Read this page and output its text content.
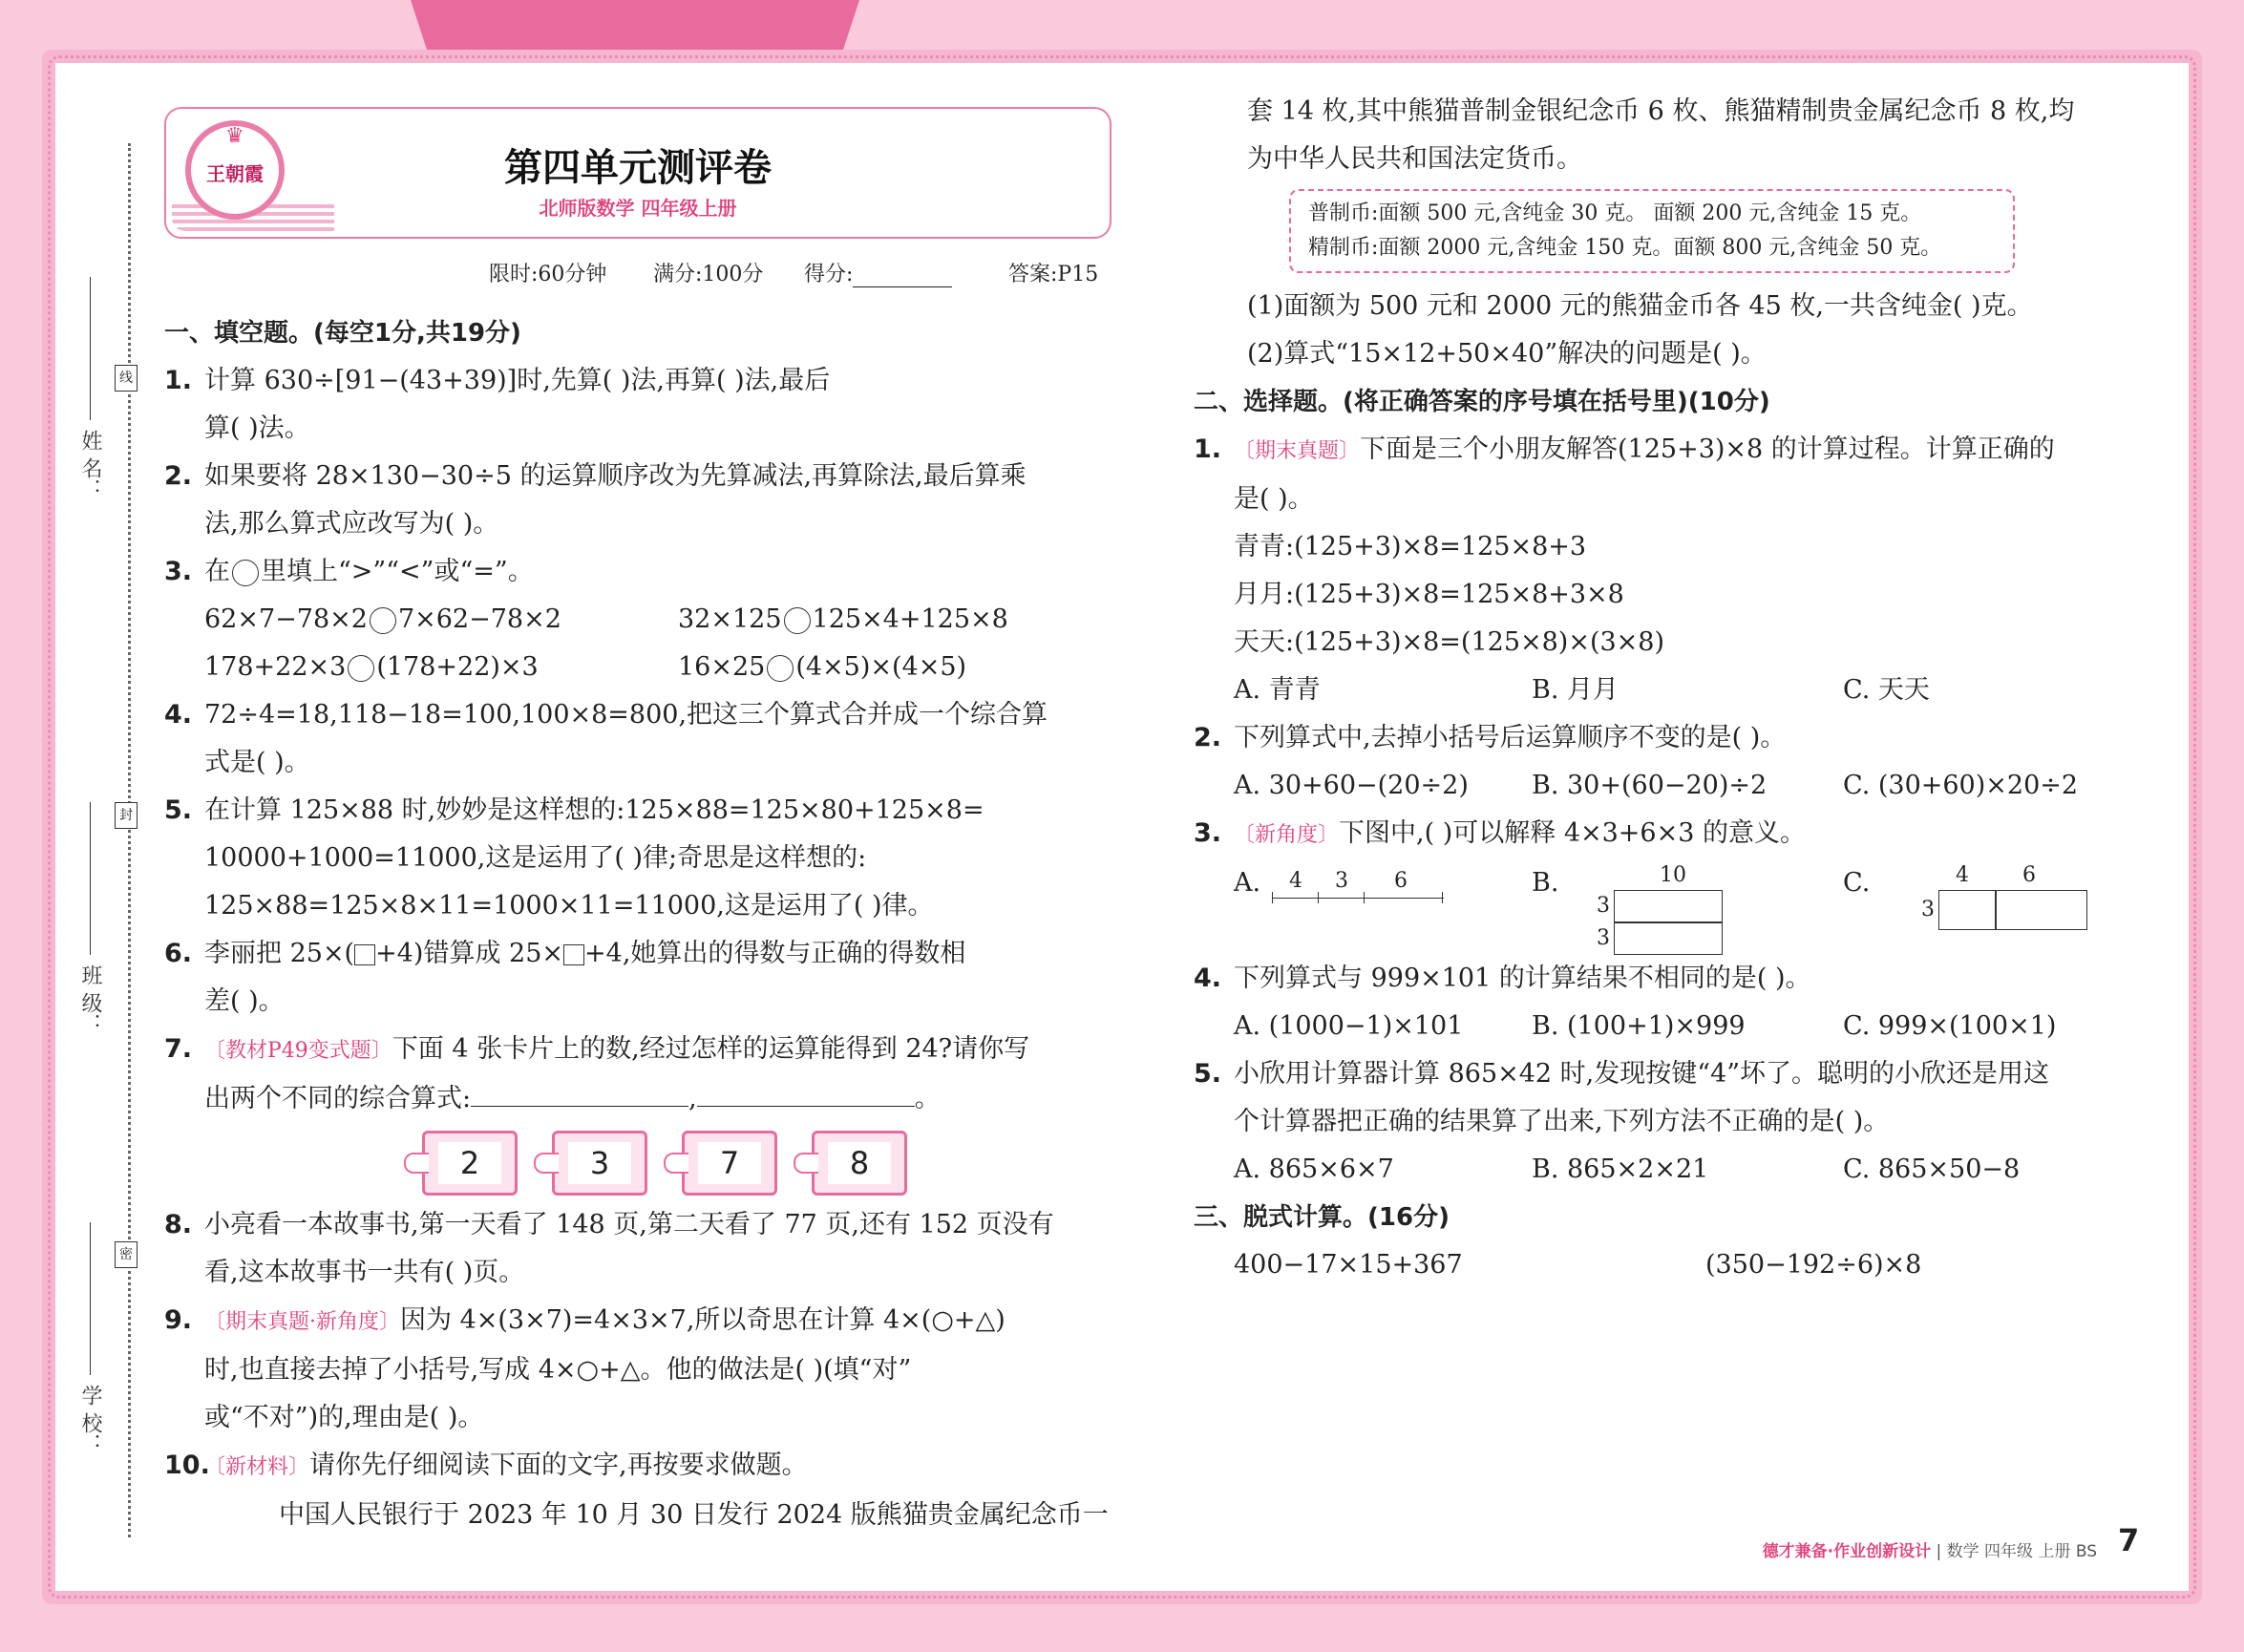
姓 名：
班 级：
学 校：
线
封
密
♛
王朝霞	第四单元测评卷
北师版数学 四年级上册
限时:60分钟 满分:100分 得分:	答案:P15
一、填空题。(每空1分,共19分)
1. 计算 630÷[91−(43+39)]时,先算( )法,再算( )法,最后
算( )法。
2. 如果要将 28×130−30÷5 的运算顺序改为先算减法,再算除法,最后算乘
法,那么算式应改写为( )。
3. 在 里填上“>”“<”或“=”。
62×7−78×2 7×62−78×2	32×125 125×4+125×8
178+22×3 (178+22)×3	16×25 (4×5)×(4×5)
4. 72÷4=18,118−18=100,100×8=800,把这三个算式合并成一个综合算
式是( )。
5. 在计算 125×88 时,妙妙是这样想的:125×88=125×80+125×8=
10000+1000=11000,这是运用了( )律;奇思是这样想的:
125×88=125×8×11=1000×11=11000,这是运用了( )律。
6. 李丽把 25×( +4)错算成 25× +4,她算出的得数与正确的得数相
差( )。
7. 〔教材P49变式题〕下面 4 张卡片上的数,经过怎样的运算能得到 24?请你写
出两个不同的综合算式:	,	。
2	3	7	8
8. 小亮看一本故事书,第一天看了 148 页,第二天看了 77 页,还有 152 页没有
看,这本故事书一共有( )页。
9. 〔期末真题·新角度〕因为 4×(3×7)=4×3×7,所以奇思在计算 4×(○+△)
时,也直接去掉了小括号,写成 4×○+△。他的做法是( )(填“对”
或“不对”)的,理由是( )。
10.
〔新材料〕请你先仔细阅读下面的文字,再按要求做题。
中国人民银行于 2023 年 10 月 30 日发行 2024 版熊猫贵金属纪念币一
套 14 枚,其中熊猫普制金银纪念币 6 枚、熊猫精制贵金属纪念币 8 枚,均
为中华人民共和国法定货币。
普制币:面额 500 元,含纯金 30 克。 面额 200 元,含纯金 15 克。
精制币:面额 2000 元,含纯金 150 克。面额 800 元,含纯金 50 克。
(1)面额为 500 元和 2000 元的熊猫金币各 45 枚,一共含纯金( )克。
(2)算式“15×12+50×40”解决的问题是( )。
二、选择题。(将正确答案的序号填在括号里)(10分)
1. 〔期末真题〕下面是三个小朋友解答(125+3)×8 的计算过程。计算正确的
是( )。
青青:(125+3)×8=125×8+3
月月:(125+3)×8=125×8+3×8
天天:(125+3)×8=(125×8)×(3×8)
A. 青青	B. 月月	C. 天天
2. 下列算式中,去掉小括号后运算顺序不变的是( )。
A. 30+60−(20÷2)	B. 30+(60−20)÷2	C. (30+60)×20÷2
3. 〔新角度〕下图中,( )可以解释 4×3+6×3 的意义。
A. 4 3 6	B.	10
3
3
C.	4	6
3
4. 下列算式与 999×101 的计算结果不相同的是( )。
A. (1000−1)×101	B. (100+1)×999	C. 999×(100×1)
5. 小欣用计算器计算 865×42 时,发现按键“4”坏了。聪明的小欣还是用这
个计算器把正确的结果算了出来,下列方法不正确的是( )。
A. 865×6×7	B. 865×2×21	C. 865×50−8
三、脱式计算。(16分)
400−17×15+367	(350−192÷6)×8
德才兼备·作业创新设计 | 数学 四年级 上册 BS 7
